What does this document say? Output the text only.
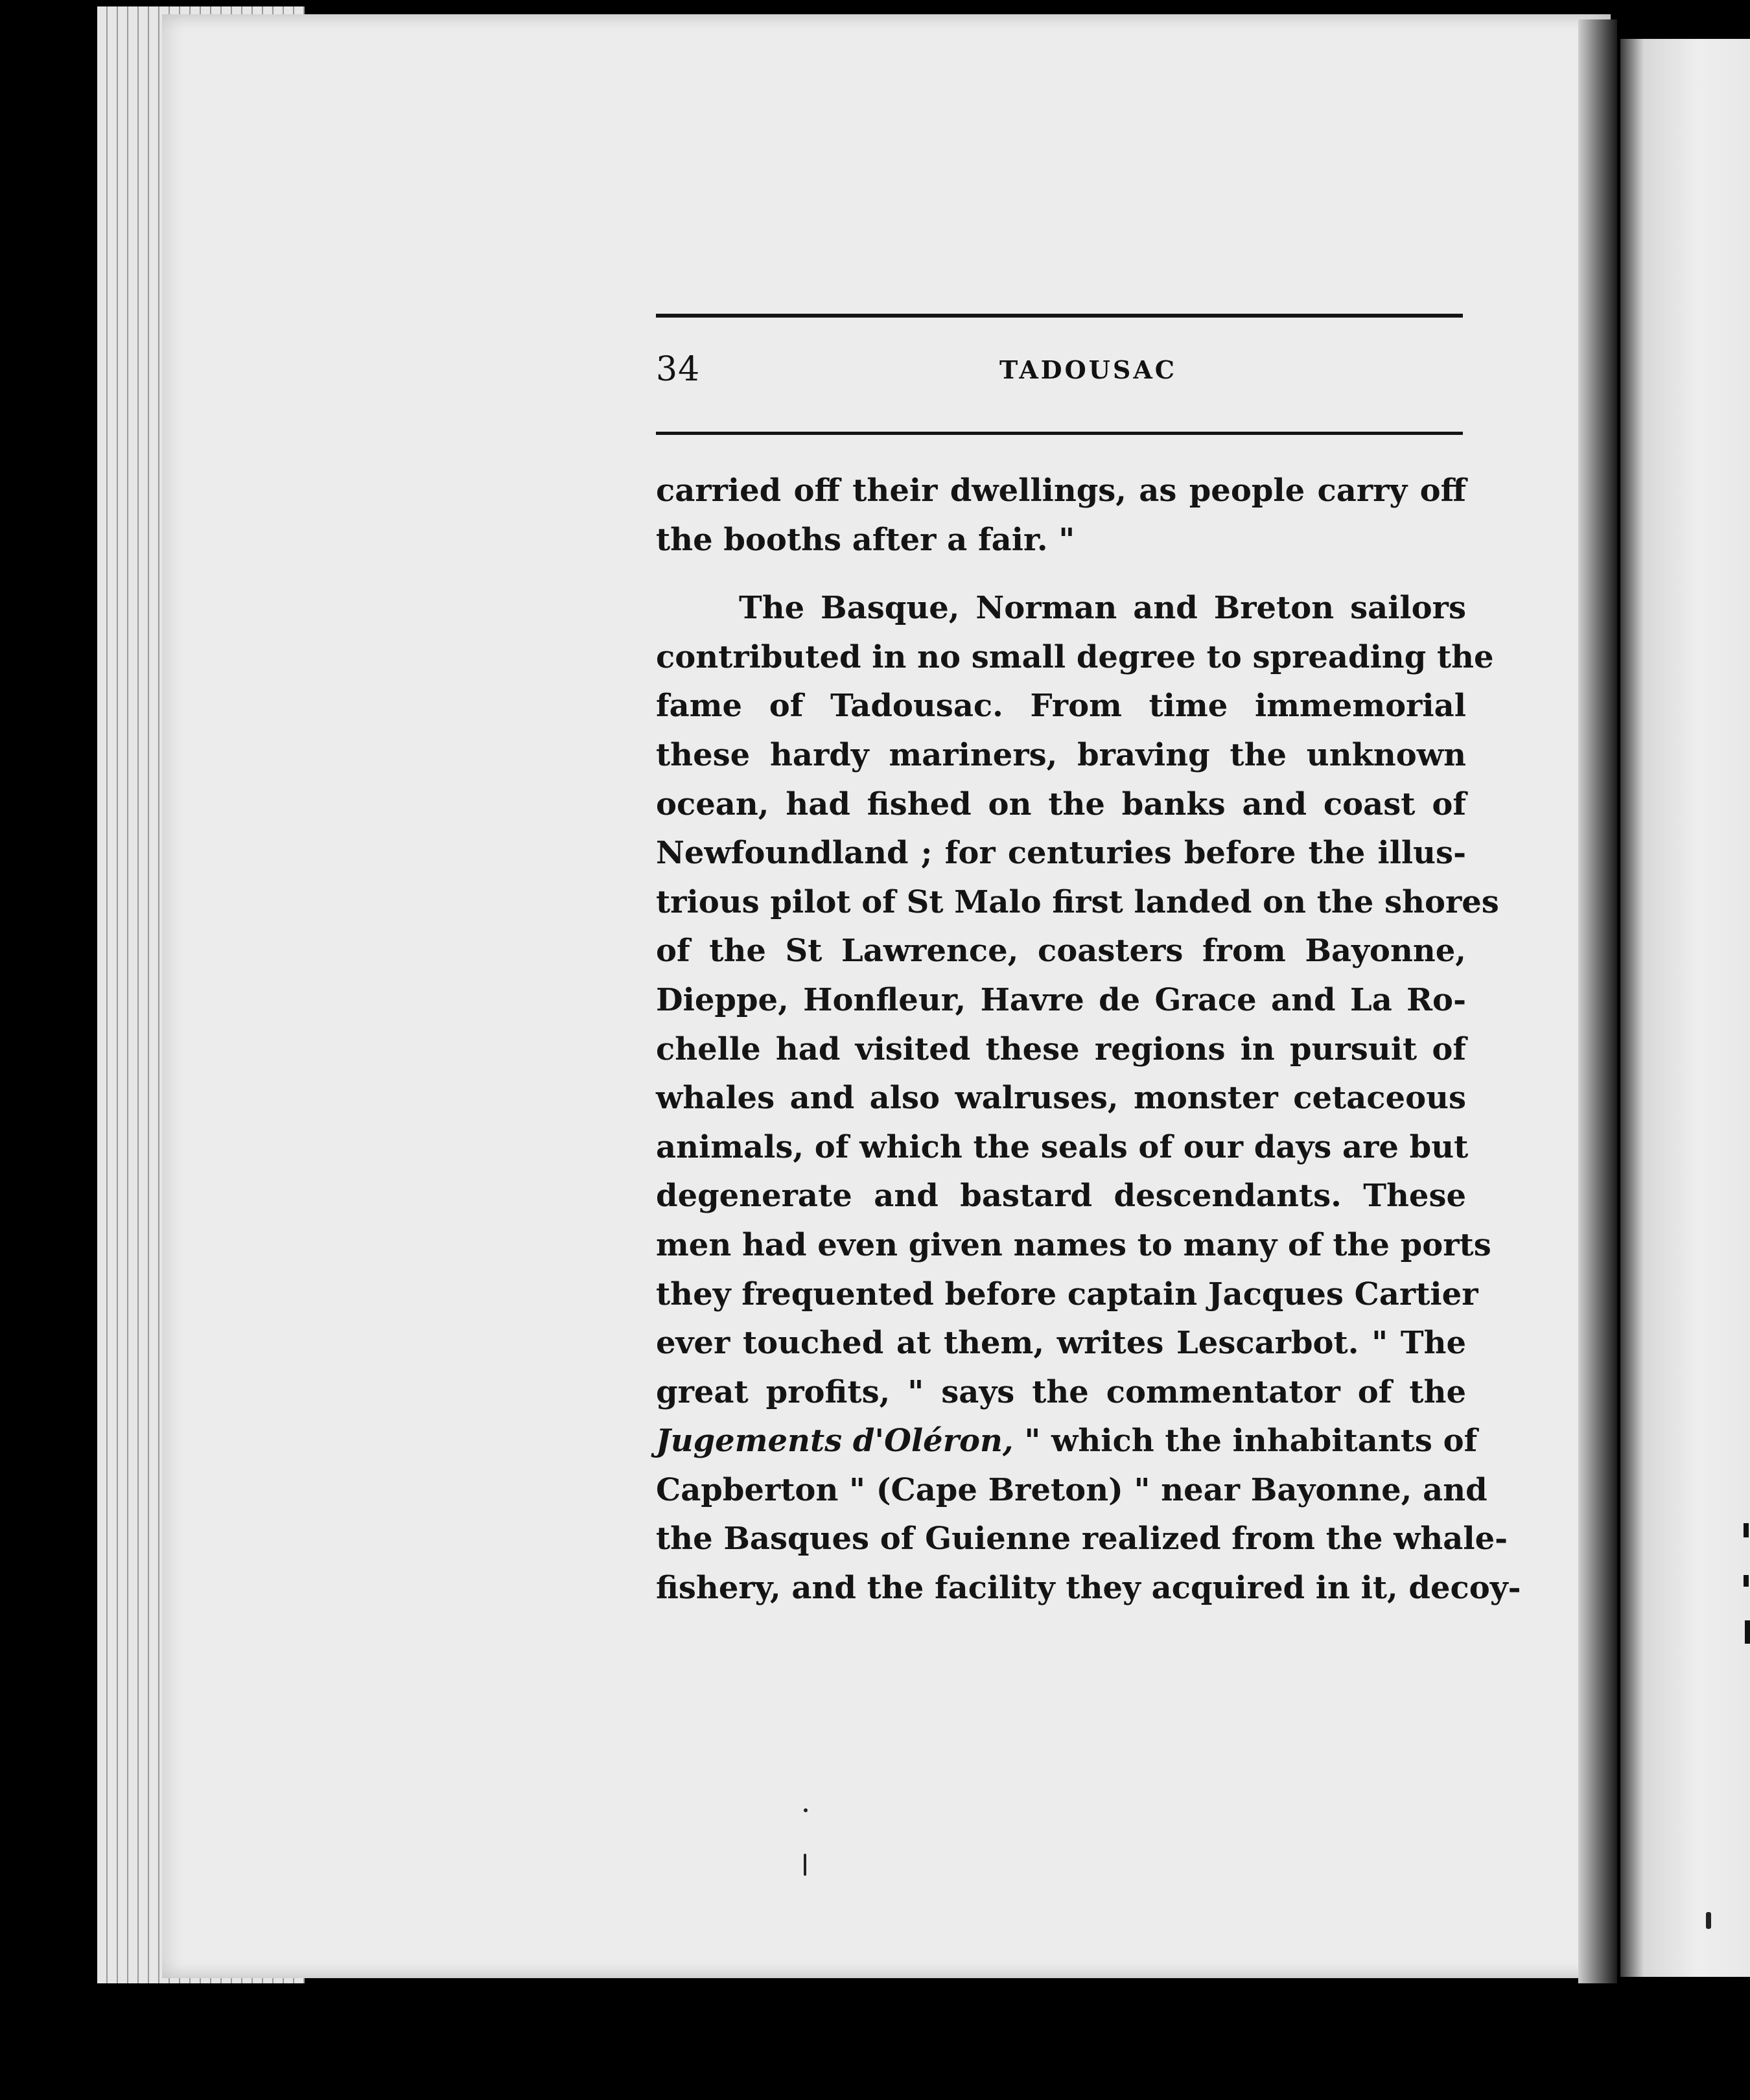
34	TADOUSAC
carried off their dwellings, as people carry off
the booths after a fair. "
The Basque, Norman and Breton sailors
contributed in no small degree to spreading the
fame of Tadousac. From time immemorial
these hardy mariners, braving the unknown
ocean, had fished on the banks and coast of
Newfoundland ; for centuries before the illus-
trious pilot of St Malo first landed on the shores
of the St Lawrence, coasters from Bayonne,
Dieppe, Honfleur, Havre de Grace and La Ro-
chelle had visited these regions in pursuit of
whales and also walruses, monster cetaceous
animals, of which the seals of our days are but
degenerate and bastard descendants. These
men had even given names to many of the ports
they frequented before captain Jacques Cartier
ever touched at them, writes Lescarbot. " The
great profits, " says the commentator of the
Jugements d'Oléron, " which the inhabitants of
Capberton " (Cape Breton) " near Bayonne, and
the Basques of Guienne realized from the whale-
fishery, and the facility they acquired in it, decoy-
